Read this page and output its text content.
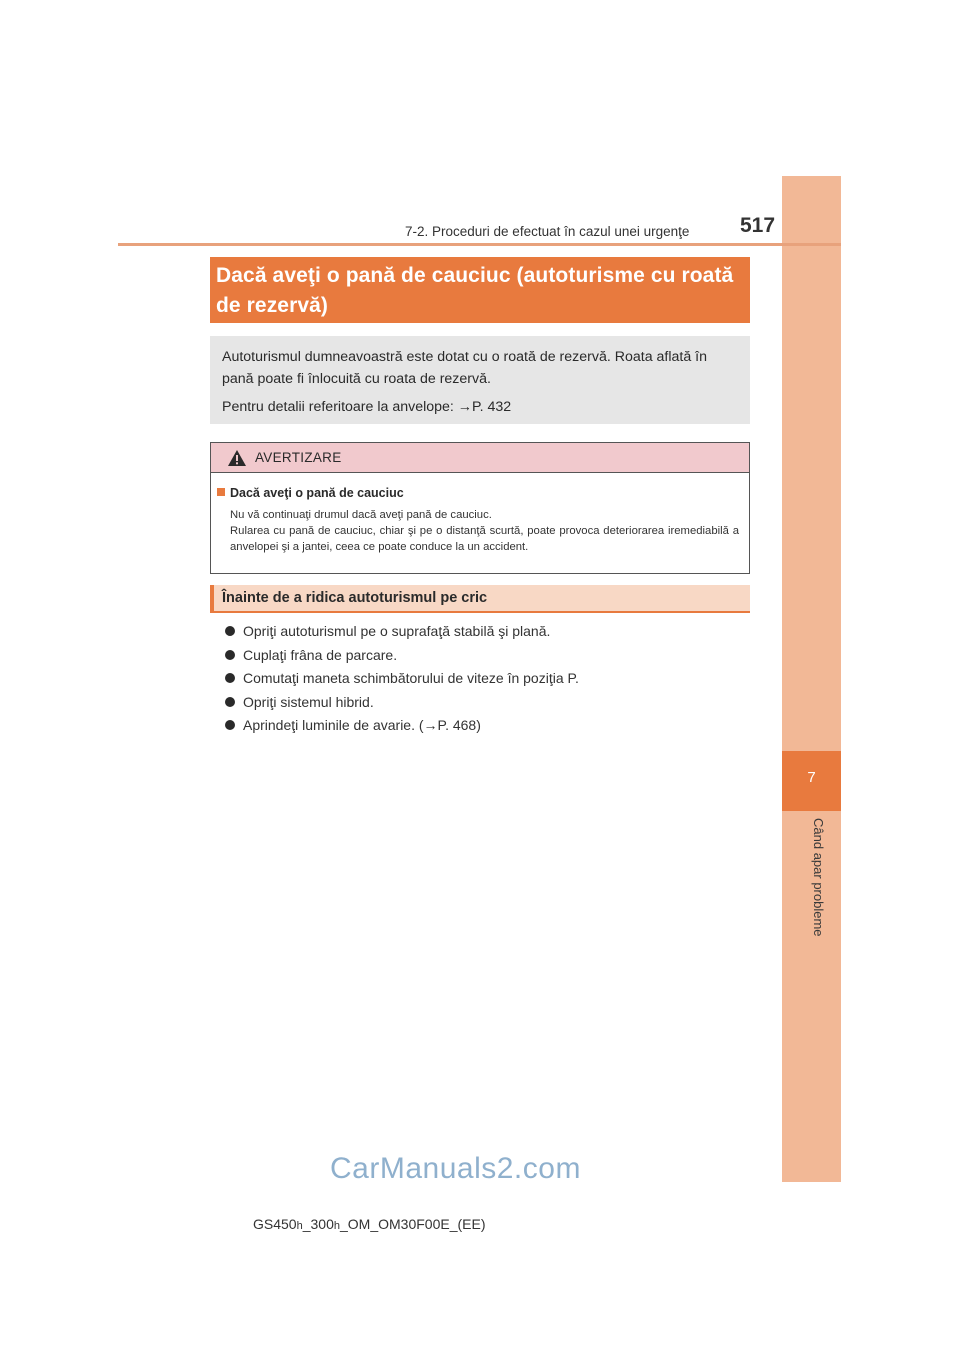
7
Când apar probleme
7-2. Proceduri de efectuat în cazul unei urgenţe 517
Dacă aveţi o pană de cauciuc (autoturisme cu roată de rezervă)

Autoturismul dumneavoastră este dotat cu o roată de rezervă. Roata aflată în pană poate fi înlocuită cu roata de rezervă.

Pentru detalii referitoare la anvelope: →P. 432

AVERTIZARE
Dacă aveţi o pană de cauciuc

Nu vă continuaţi drumul dacă aveţi pană de cauciuc.

Rularea cu pană de cauciuc, chiar şi pe o distanţă scurtă, poate provoca deteriorarea iremediabilă a anvelopei şi a jantei, ceea ce poate conduce la un accident.

Înainte de a ridica autoturismul pe cric
Opriţi autoturismul pe o suprafaţă stabilă şi plană.
Cuplaţi frâna de parcare.
Comutaţi maneta schimbătorului de viteze în poziţia P.
Opriţi sistemul hibrid.
Aprindeţi luminile de avarie. (→P. 468)
CarManuals2.com
GS450h_300h_OM_OM30F00E_(EE)
